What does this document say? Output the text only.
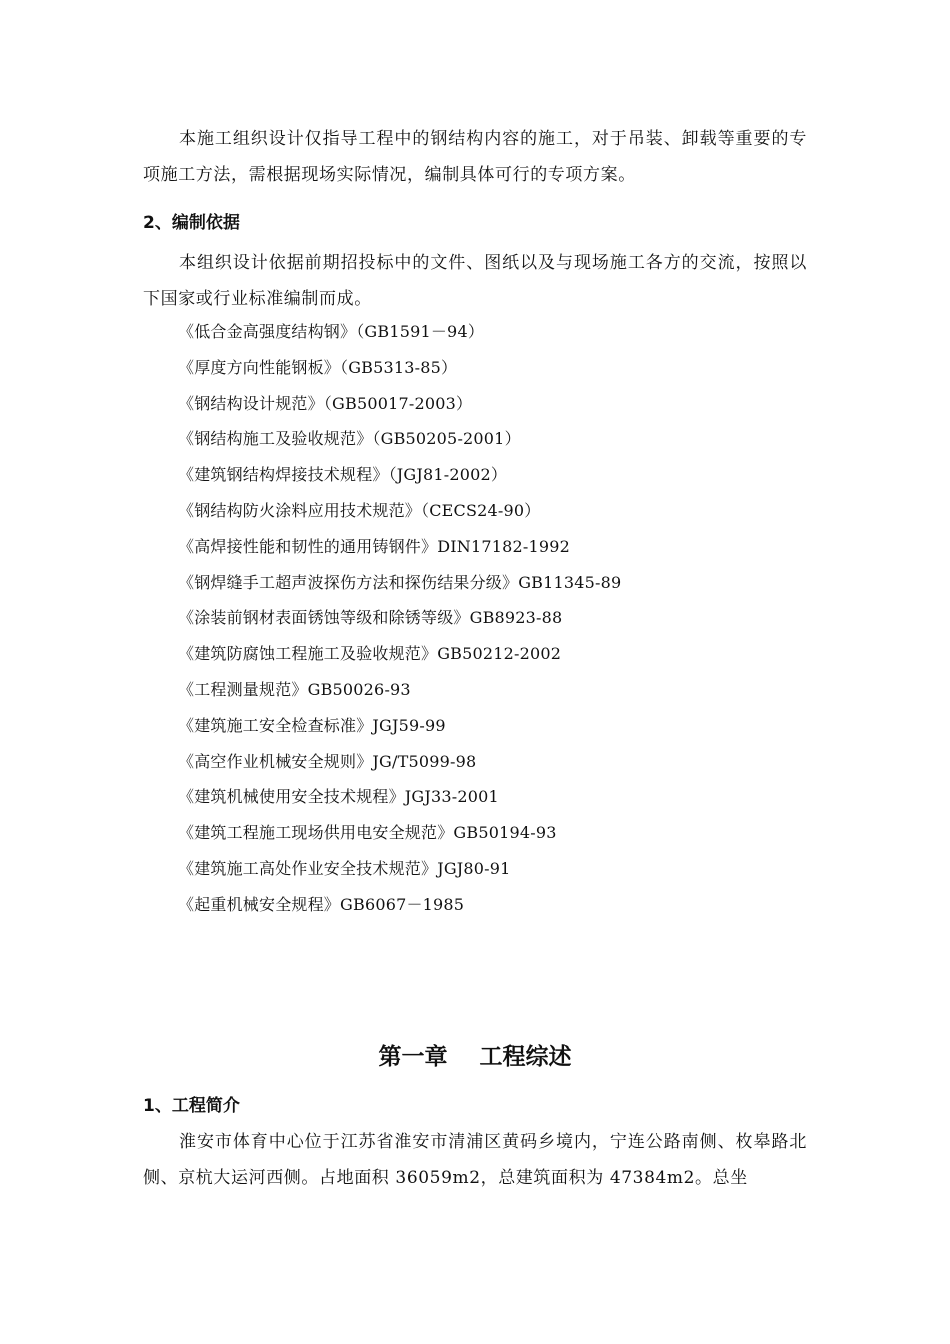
本施工组织设计仅指导工程中的钢结构内容的施工，对于吊装、卸载等重要的专项施工方法，需根据现场实际情况，编制具体可行的专项方案。

2、编制依据

本组织设计依据前期招投标中的文件、图纸以及与现场施工各方的交流，按照以下国家或行业标准编制而成。

《低合金高强度结构钢》（GB1591－94）
《厚度方向性能钢板》（GB5313-85）
《钢结构设计规范》（GB50017-2003）
《钢结构施工及验收规范》（GB50205-2001）
《建筑钢结构焊接技术规程》（JGJ81-2002）
《钢结构防火涂料应用技术规范》（CECS24-90）
《高焊接性能和韧性的通用铸钢件》DIN17182-1992
《钢焊缝手工超声波探伤方法和探伤结果分级》GB11345-89
《涂装前钢材表面锈蚀等级和除锈等级》GB8923-88
《建筑防腐蚀工程施工及验收规范》GB50212-2002
《工程测量规范》GB50026-93
《建筑施工安全检查标准》JGJ59-99
《高空作业机械安全规则》JG/T5099-98
《建筑机械使用安全技术规程》JGJ33-2001
《建筑工程施工现场供用电安全规范》GB50194-93
《建筑施工高处作业安全技术规范》JGJ80-91
《起重机械安全规程》GB6067－1985
第一章    工程综述
1、工程简介

淮安市体育中心位于江苏省淮安市清浦区黄码乡境内，宁连公路南侧、枚皋路北侧、京杭大运河西侧。占地面积 36059m2，总建筑面积为 47384m2。总坐
